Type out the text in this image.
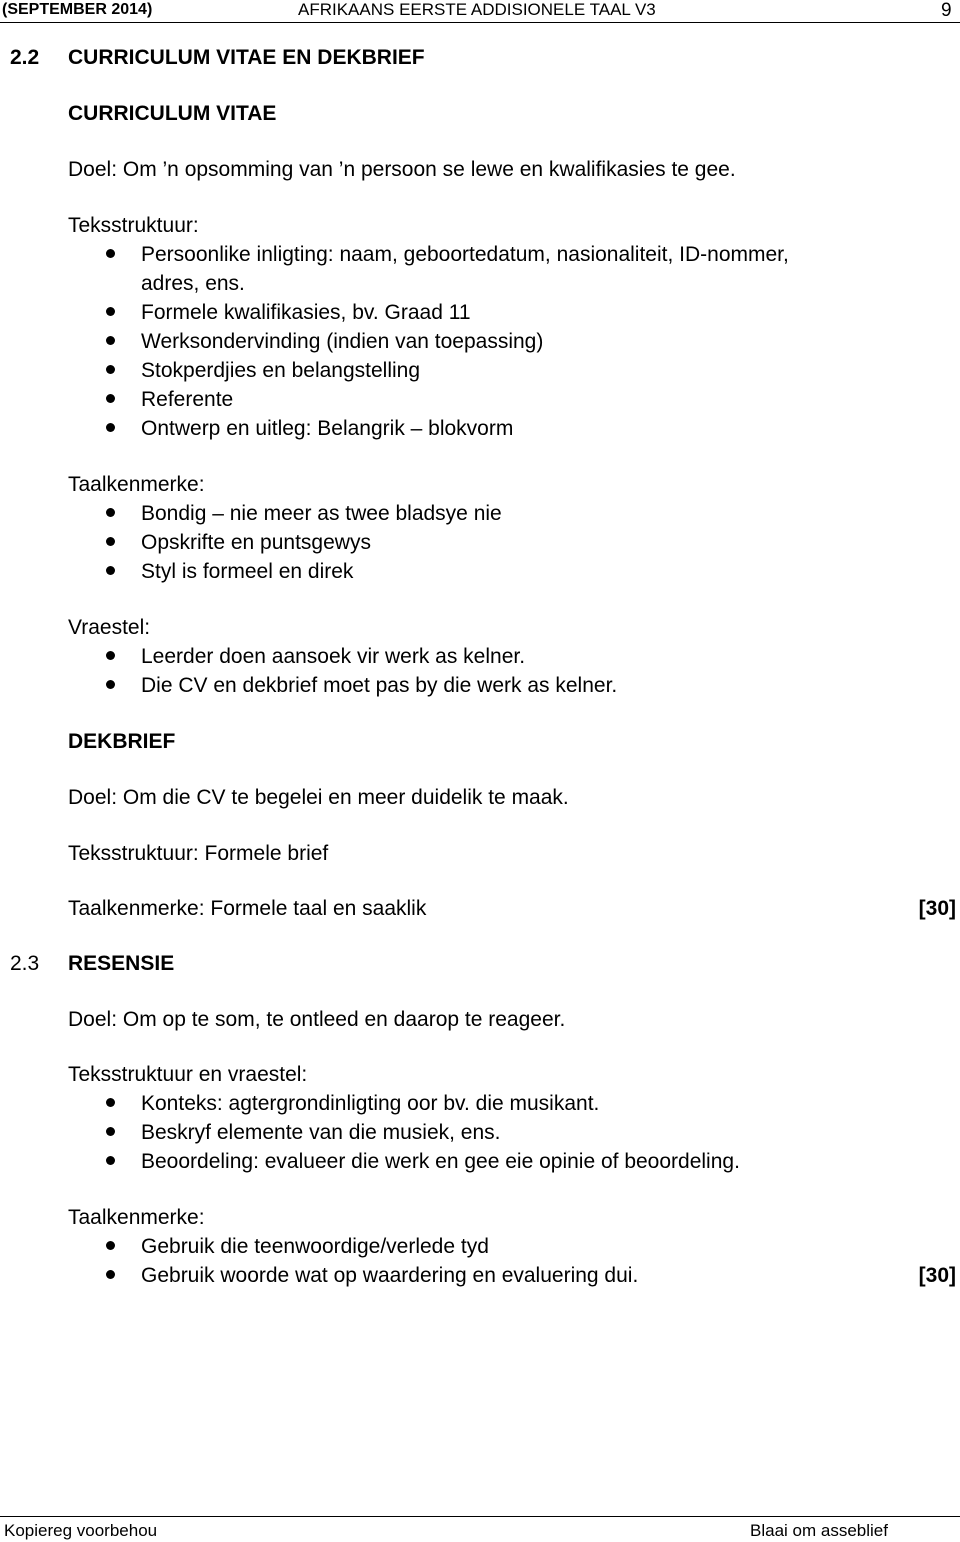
(SEPTEMBER 2014)	AFRIKAANS EERSTE ADDISIONELE TAAL V3	9
2.2 CURRICULUM VITAE EN DEKBRIEF
CURRICULUM VITAE
Doel: Om ’n opsomming van ’n persoon se lewe en kwalifikasies te gee.
Teksstruktuur:
Persoonlike inligting: naam, geboortedatum, nasionaliteit, ID-nommer,
adres, ens.
Formele kwalifikasies, bv. Graad 11
Werksondervinding (indien van toepassing)
Stokperdjies en belangstelling
Referente
Ontwerp en uitleg: Belangrik – blokvorm
Taalkenmerke:
Bondig – nie meer as twee bladsye nie
Opskrifte en puntsgewys
Styl is formeel en direk
Vraestel:
Leerder doen aansoek vir werk as kelner.
Die CV en dekbrief moet pas by die werk as kelner.
DEKBRIEF
Doel: Om die CV te begelei en meer duidelik te maak.
Teksstruktuur: Formele brief
Taalkenmerke: Formele taal en saaklik	[30]
2.3 RESENSIE
Doel: Om op te som, te ontleed en daarop te reageer.
Teksstruktuur en vraestel:
Konteks: agtergrondinligting oor bv. die musikant.
Beskryf elemente van die musiek, ens.
Beoordeling: evalueer die werk en gee eie opinie of beoordeling.
Taalkenmerke:
Gebruik die teenwoordige/verlede tyd
Gebruik woorde wat op waardering en evaluering dui.	[30]
Kopiereg voorbehou	Blaai om asseblief
